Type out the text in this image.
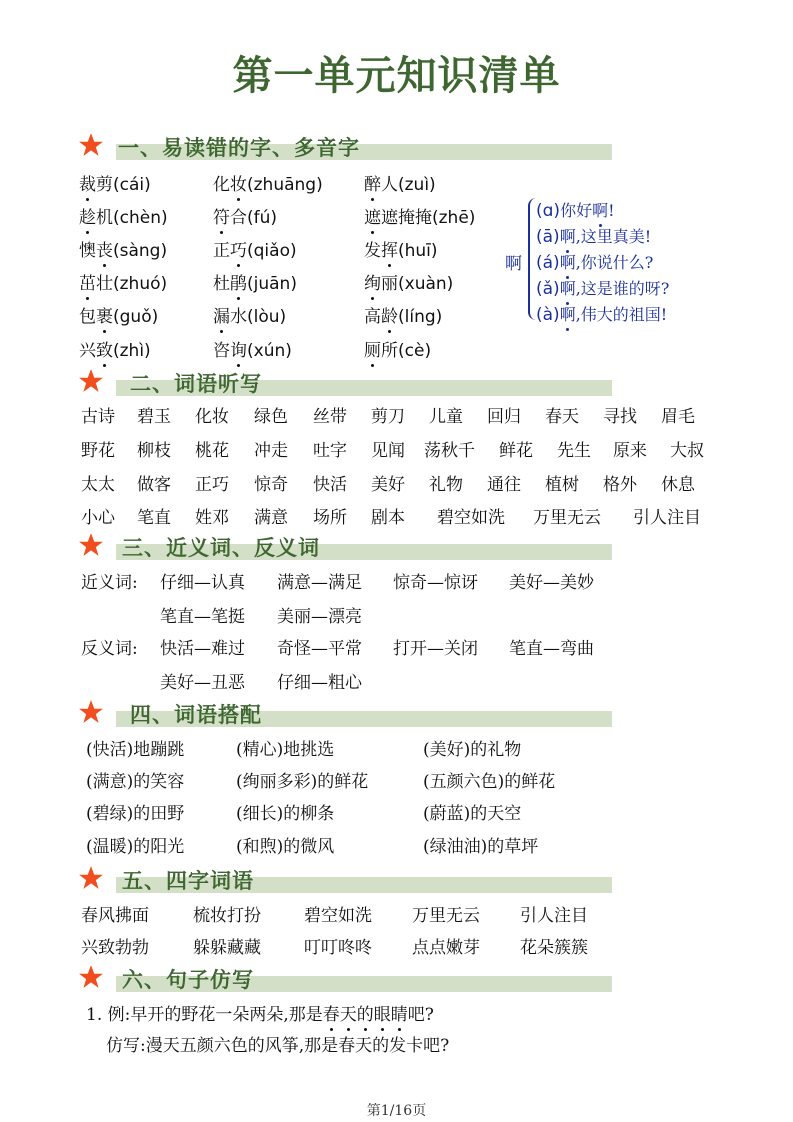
第一单元知识清单
一、易读错的字、多音字
二、词语听写
三、近义词、反义词
四、词语搭配
五、四字词语
六、句子仿写
裁剪(cái)	化妆(zhuāng) 醉人(zuì)
趁机(chèn)	符合(fú)	遮遮掩掩(zhē)
懊丧(sàng)	正巧(qiǎo)	发挥(huī)
茁壮(zhuó)	杜鹃(juān)	绚丽(xuàn)
包裹(guǒ)	漏水(lòu)	高龄(líng)
兴致(zhì)	咨询(xún)	厕所(cè)
啊
(ɑ)你好啊!
(ā)啊,这里真美!
(á)啊,你说什么?
(ǎ)啊,这是谁的呀?
(à)啊,伟大的祖国!
古诗 碧玉 化妆 绿色 丝带 剪刀 儿童 回归 春天 寻找 眉毛
野花 柳枝 桃花 冲走 吐字 见闻 荡秋千 鲜花 先生 原来 大叔
太太 做客 正巧 惊奇 快活 美好 礼物 通往 植树 格外 休息
小心 笔直 姓邓 满意 场所 剧本 碧空如洗 万里无云 引人注目
近义词:
反义词:
仔细—认真 满意—满足 惊奇—惊讶 美好—美妙
笔直—笔挺 美丽—漂亮
快活—难过 奇怪—平常 打开—关闭 笔直—弯曲
美好—丑恶 仔细—粗心
(快活)地蹦跳	(精心)地挑选	(美好)的礼物
(满意)的笑容	(绚丽多彩)的鲜花	(五颜六色)的鲜花
(碧绿)的田野	(细长)的柳条	(蔚蓝)的天空
(温暖)的阳光	(和煦)的微风	(绿油油)的草坪
春风拂面	梳妆打扮	碧空如洗 万里无云 引人注目
兴致勃勃	躲躲藏藏	叮叮咚咚 点点嫩芽 花朵簇簇
1. 例:早开的野花一朵两朵,那是春天的眼睛吧?
仿写:漫天五颜六色的风筝,那是春天的发卡吧?
第1/16页
